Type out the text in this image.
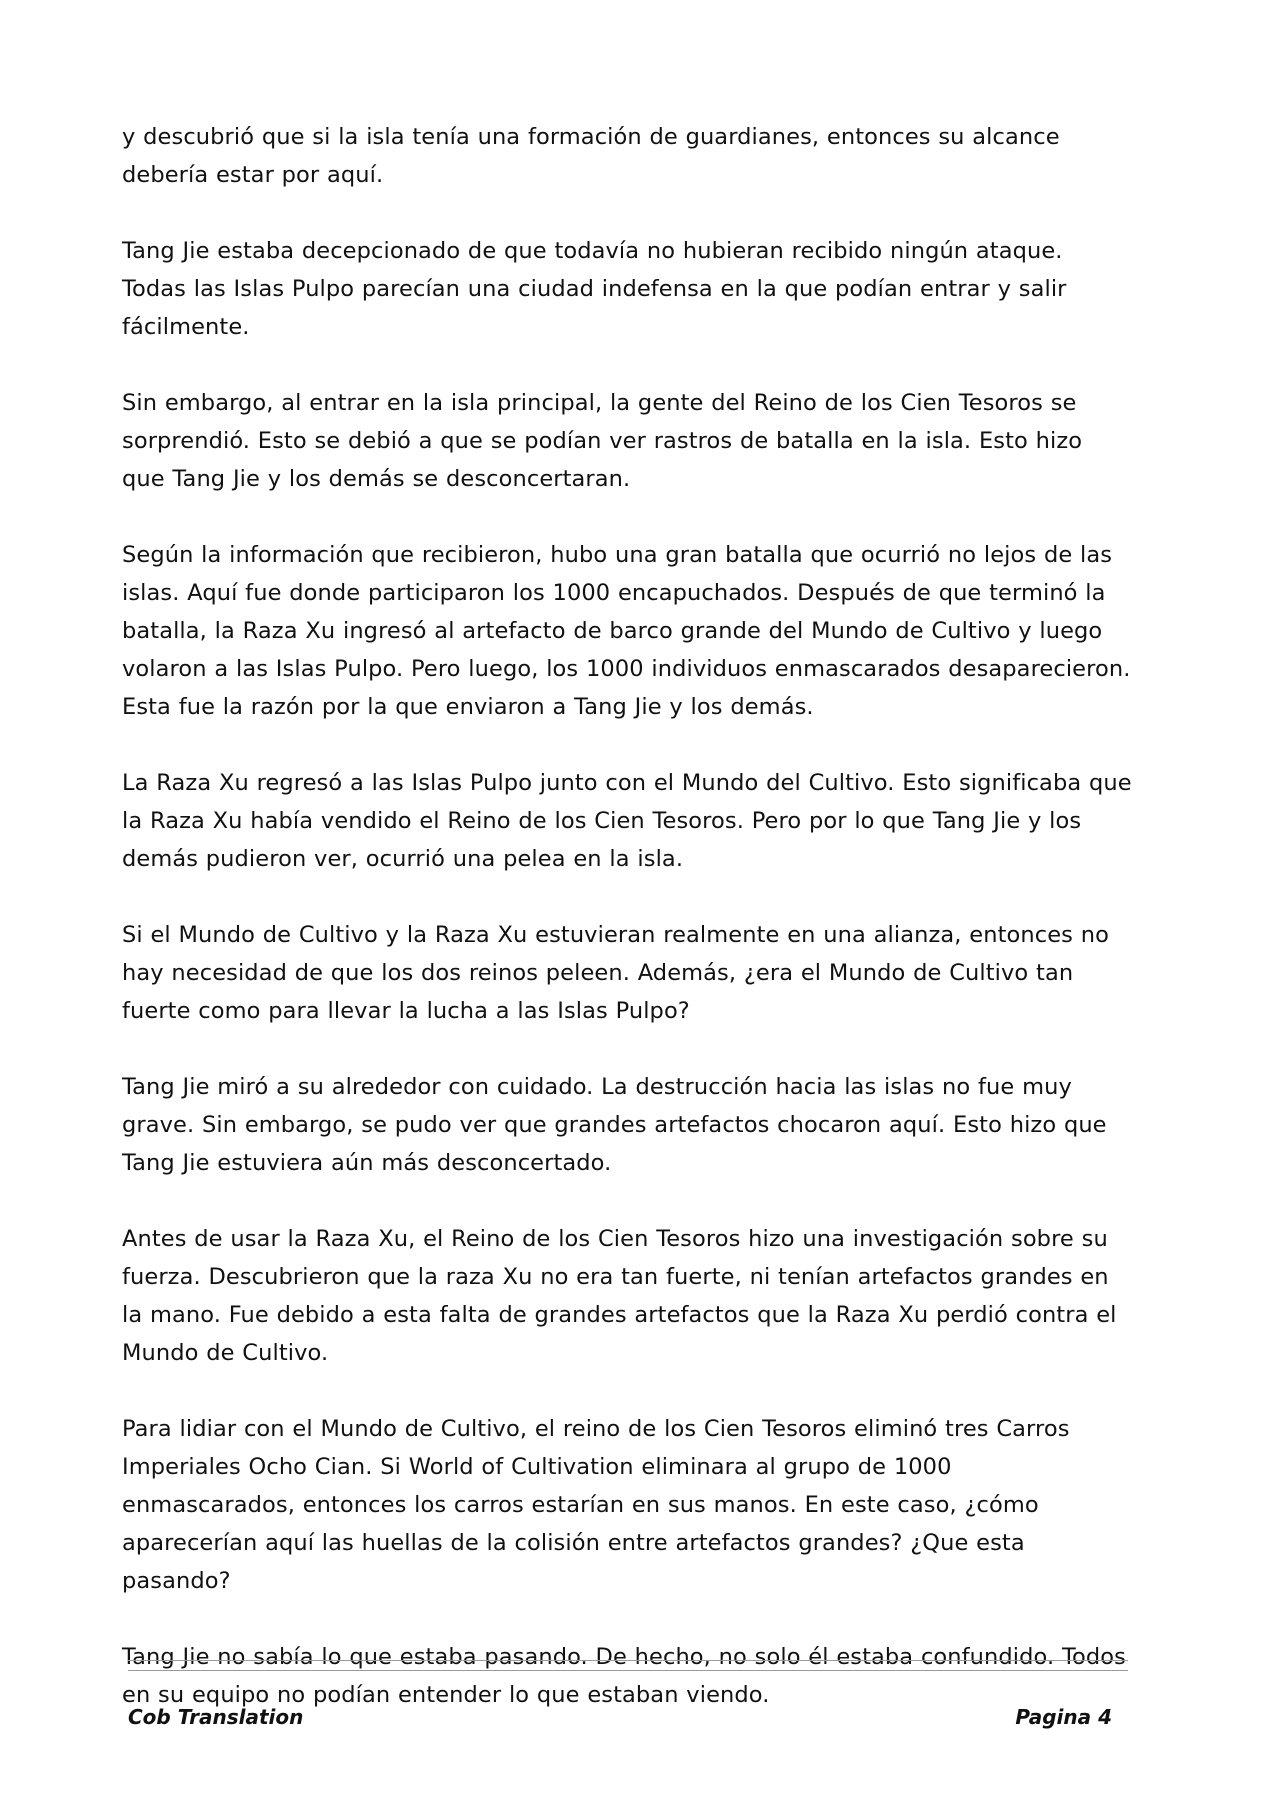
y descubrió que si la isla tenía una formación de guardianes, entonces su alcance debería estar por aquí.

Tang Jie estaba decepcionado de que todavía no hubieran recibido ningún ataque. Todas las Islas Pulpo parecían una ciudad indefensa en la que podían entrar y salir fácilmente.

Sin embargo, al entrar en la isla principal, la gente del Reino de los Cien Tesoros se sorprendió. Esto se debió a que se podían ver rastros de batalla en la isla. Esto hizo que Tang Jie y los demás se desconcertaran.

Según la información que recibieron, hubo una gran batalla que ocurrió no lejos de las islas. Aquí fue donde participaron los 1000 encapuchados. Después de que terminó la batalla, la Raza Xu ingresó al artefacto de barco grande del Mundo de Cultivo y luego volaron a las Islas Pulpo. Pero luego, los 1000 individuos enmascarados desaparecieron. Esta fue la razón por la que enviaron a Tang Jie y los demás.

La Raza Xu regresó a las Islas Pulpo junto con el Mundo del Cultivo. Esto significaba que la Raza Xu había vendido el Reino de los Cien Tesoros. Pero por lo que Tang Jie y los demás pudieron ver, ocurrió una pelea en la isla.

Si el Mundo de Cultivo y la Raza Xu estuvieran realmente en una alianza, entonces no hay necesidad de que los dos reinos peleen. Además, ¿era el Mundo de Cultivo tan fuerte como para llevar la lucha a las Islas Pulpo?

Tang Jie miró a su alrededor con cuidado. La destrucción hacia las islas no fue muy grave. Sin embargo, se pudo ver que grandes artefactos chocaron aquí. Esto hizo que Tang Jie estuviera aún más desconcertado.

Antes de usar la Raza Xu, el Reino de los Cien Tesoros hizo una investigación sobre su fuerza. Descubrieron que la raza Xu no era tan fuerte, ni tenían artefactos grandes en la mano. Fue debido a esta falta de grandes artefactos que la Raza Xu perdió contra el Mundo de Cultivo.

Para lidiar con el Mundo de Cultivo, el reino de los Cien Tesoros eliminó tres Carros Imperiales Ocho Cian. Si World of Cultivation eliminara al grupo de 1000 enmascarados, entonces los carros estarían en sus manos. En este caso, ¿cómo aparecerían aquí las huellas de la colisión entre artefactos grandes? ¿Que esta pasando?

Tang Jie no sabía lo que estaba pasando. De hecho, no solo él estaba confundido. Todos en su equipo no podían entender lo que estaban viendo.

Cob Translation	Pagina 4
